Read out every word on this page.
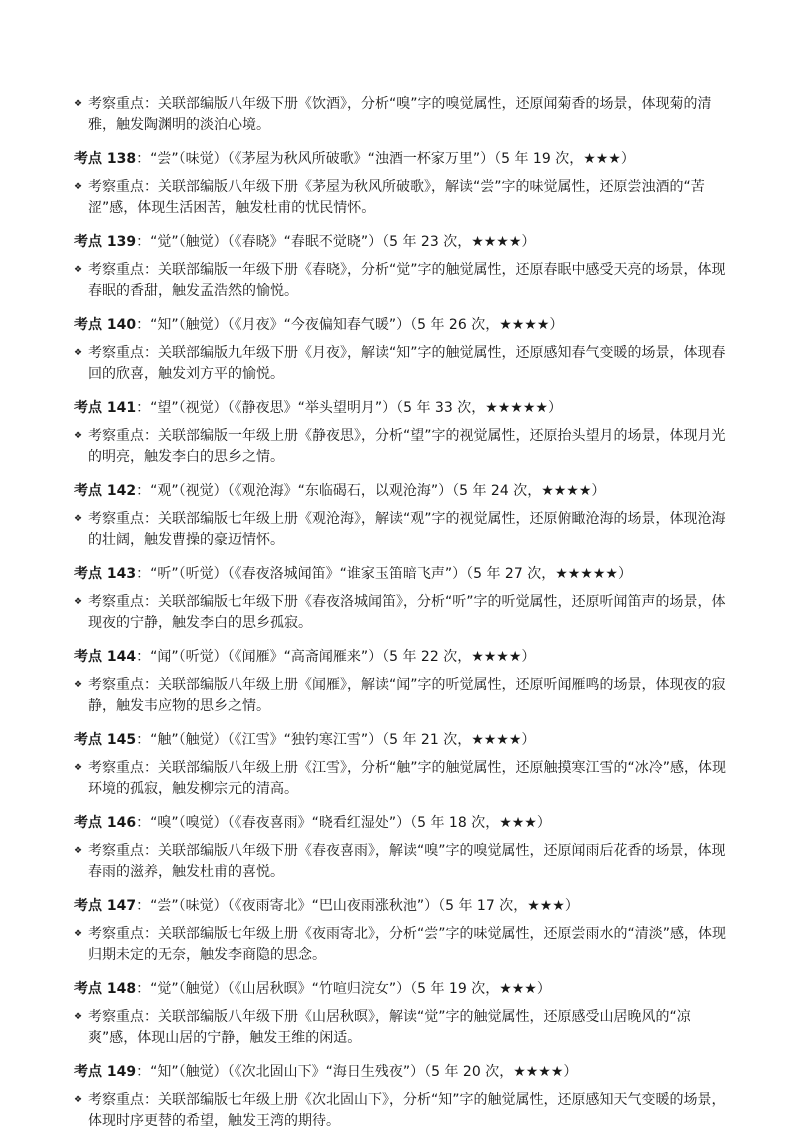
❖ 考察重点：关联部编版八年级下册《饮酒》，分析“嗅”字的嗅觉属性，还原闻菊香的场景，体现菊的清雅，触发陶渊明的淡泊心境。
考点 138：“尝”（味觉）（《茅屋为秋风所破歌》“浊酒一杯家万里”）（5 年 19 次，★★★）
❖ 考察重点：关联部编版八年级下册《茅屋为秋风所破歌》，解读“尝”字的味觉属性，还原尝浊酒的“苦涩”感，体现生活困苦，触发杜甫的忧民情怀。
考点 139：“觉”（触觉）（《春晓》“春眠不觉晓”）（5 年 23 次，★★★★）
❖ 考察重点：关联部编版一年级下册《春晓》，分析“觉”字的触觉属性，还原春眠中感受天亮的场景，体现春眠的香甜，触发孟浩然的愉悦。
考点 140：“知”（触觉）（《月夜》“今夜偏知春气暖”）（5 年 26 次，★★★★）
❖ 考察重点：关联部编版九年级下册《月夜》，解读“知”字的触觉属性，还原感知春气变暖的场景，体现春回的欣喜，触发刘方平的愉悦。
考点 141：“望”（视觉）（《静夜思》“举头望明月”）（5 年 33 次，★★★★★）
❖ 考察重点：关联部编版一年级上册《静夜思》，分析“望”字的视觉属性，还原抬头望月的场景，体现月光的明亮，触发李白的思乡之情。
考点 142：“观”（视觉）（《观沧海》“东临碣石，以观沧海”）（5 年 24 次，★★★★）
❖ 考察重点：关联部编版七年级上册《观沧海》，解读“观”字的视觉属性，还原俯瞰沧海的场景，体现沧海的壮阔，触发曹操的豪迈情怀。
考点 143：“听”（听觉）（《春夜洛城闻笛》“谁家玉笛暗飞声”）（5 年 27 次，★★★★★）
❖ 考察重点：关联部编版七年级下册《春夜洛城闻笛》，分析“听”字的听觉属性，还原听闻笛声的场景，体现夜的宁静，触发李白的思乡孤寂。
考点 144：“闻”（听觉）（《闻雁》“高斋闻雁来”）（5 年 22 次，★★★★）
❖ 考察重点：关联部编版八年级上册《闻雁》，解读“闻”字的听觉属性，还原听闻雁鸣的场景，体现夜的寂静，触发韦应物的思乡之情。
考点 145：“触”（触觉）（《江雪》“独钓寒江雪”）（5 年 21 次，★★★★）
❖ 考察重点：关联部编版八年级上册《江雪》，分析“触”字的触觉属性，还原触摸寒江雪的“冰冷”感，体现环境的孤寂，触发柳宗元的清高。
考点 146：“嗅”（嗅觉）（《春夜喜雨》“晓看红湿处”）（5 年 18 次，★★★）
❖ 考察重点：关联部编版八年级下册《春夜喜雨》，解读“嗅”字的嗅觉属性，还原闻雨后花香的场景，体现春雨的滋养，触发杜甫的喜悦。
考点 147：“尝”（味觉）（《夜雨寄北》“巴山夜雨涨秋池”）（5 年 17 次，★★★）
❖ 考察重点：关联部编版七年级上册《夜雨寄北》，分析“尝”字的味觉属性，还原尝雨水的“清淡”感，体现归期未定的无奈，触发李商隐的思念。
考点 148：“觉”（触觉）（《山居秋暝》“竹喧归浣女”）（5 年 19 次，★★★）
❖ 考察重点：关联部编版八年级下册《山居秋暝》，解读“觉”字的触觉属性，还原感受山居晚风的“凉爽”感，体现山居的宁静，触发王维的闲适。
考点 149：“知”（触觉）（《次北固山下》“海日生残夜”）（5 年 20 次，★★★★）
❖ 考察重点：关联部编版七年级上册《次北固山下》，分析“知”字的触觉属性，还原感知天气变暖的场景，体现时序更替的希望，触发王湾的期待。
